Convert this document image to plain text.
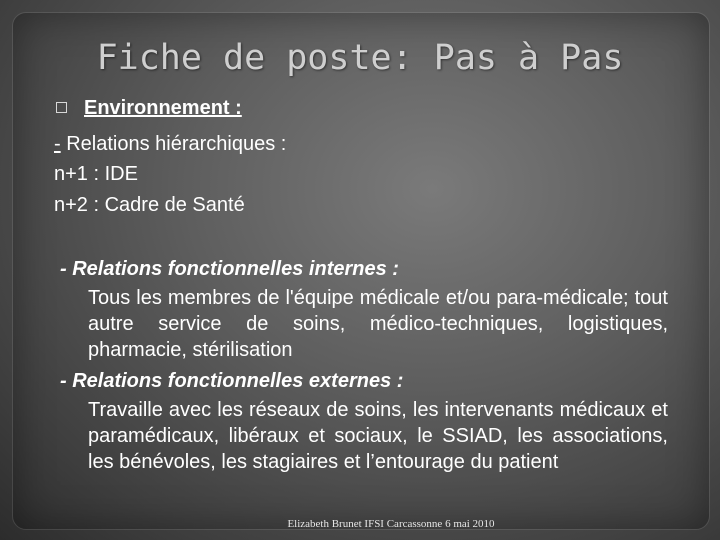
Fiche de poste: Pas à Pas
Environnement :
- Relations hiérarchiques :
n+1 : IDE
n+2 : Cadre de Santé
- Relations fonctionnelles internes :
Tous les membres de l'équipe médicale et/ou para-médicale; tout autre service de soins, médico-techniques, logistiques, pharmacie, stérilisation
- Relations fonctionnelles externes :
Travaille avec les réseaux de soins, les intervenants médicaux et paramédicaux, libéraux et sociaux, le SSIAD, les associations, les bénévoles, les stagiaires et l’entourage du patient
Elizabeth Brunet IFSI Carcassonne 6 mai 2010
